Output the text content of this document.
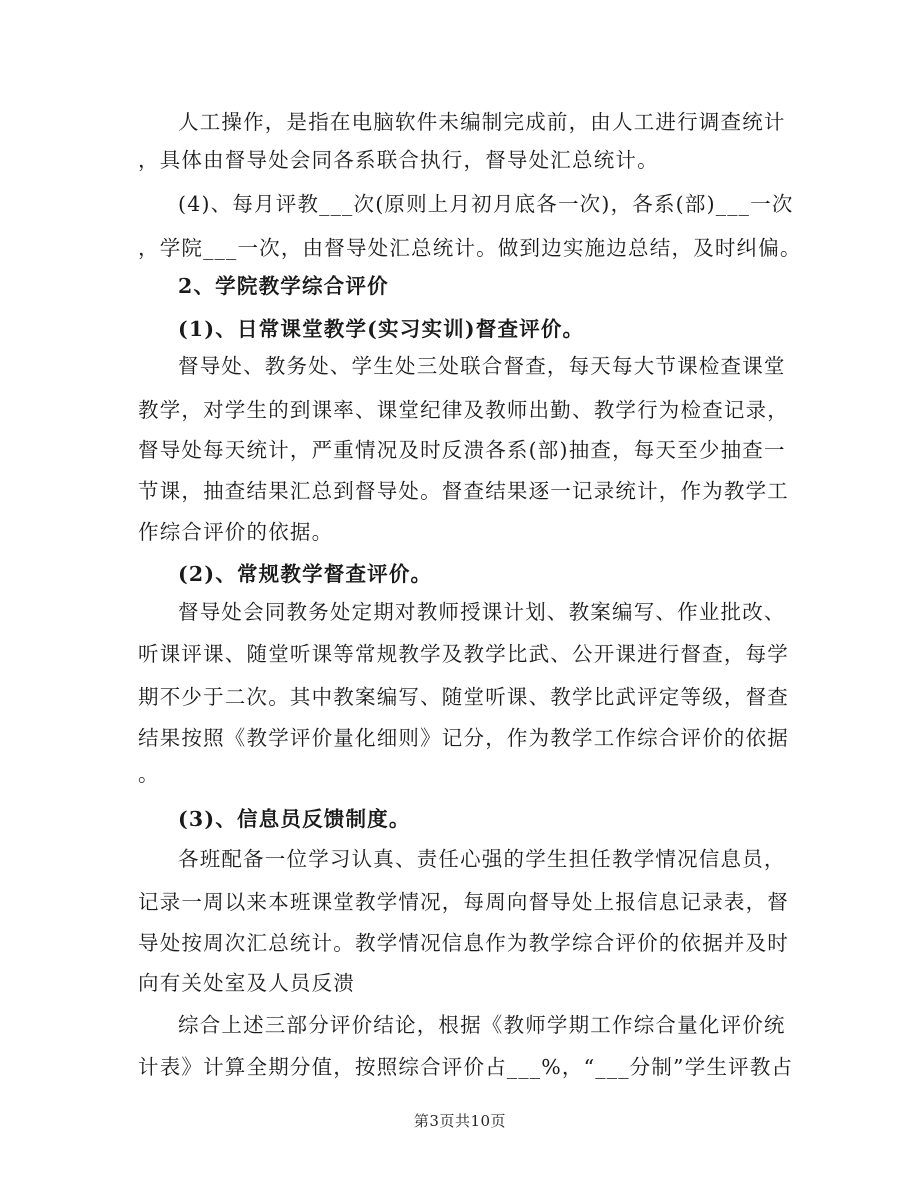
人工操作，是指在电脑软件未编制完成前，由人工进行调查统计
，具体由督导处会同各系联合执行，督导处汇总统计。
(4)、每月评教___次(原则上月初月底各一次)，各系(部)___一次
，学院___一次，由督导处汇总统计。做到边实施边总结，及时纠偏。
2、学院教学综合评价
(1)、日常课堂教学(实习实训)督查评价。
督导处、教务处、学生处三处联合督查，每天每大节课检查课堂
教学，对学生的到课率、课堂纪律及教师出勤、教学行为检查记录，
督导处每天统计，严重情况及时反溃各系(部)抽查，每天至少抽查一
节课，抽查结果汇总到督导处。督查结果逐一记录统计，作为教学工
作综合评价的依据。
(2)、常规教学督查评价。
督导处会同教务处定期对教师授课计划、教案编写、作业批改、
听课评课、随堂听课等常规教学及教学比武、公开课进行督查，每学
期不少于二次。其中教案编写、随堂听课、教学比武评定等级，督查
结果按照《教学评价量化细则》记分，作为教学工作综合评价的依据
。
(3)、信息员反馈制度。
各班配备一位学习认真、责任心强的学生担任教学情况信息员，
记录一周以来本班课堂教学情况，每周向督导处上报信息记录表，督
导处按周次汇总统计。教学情况信息作为教学综合评价的依据并及时
向有关处室及人员反溃
综合上述三部分评价结论，根据《教师学期工作综合量化评价统
计表》计算全期分值，按照综合评价占___%，“___分制”学生评教占
第3页共10页
